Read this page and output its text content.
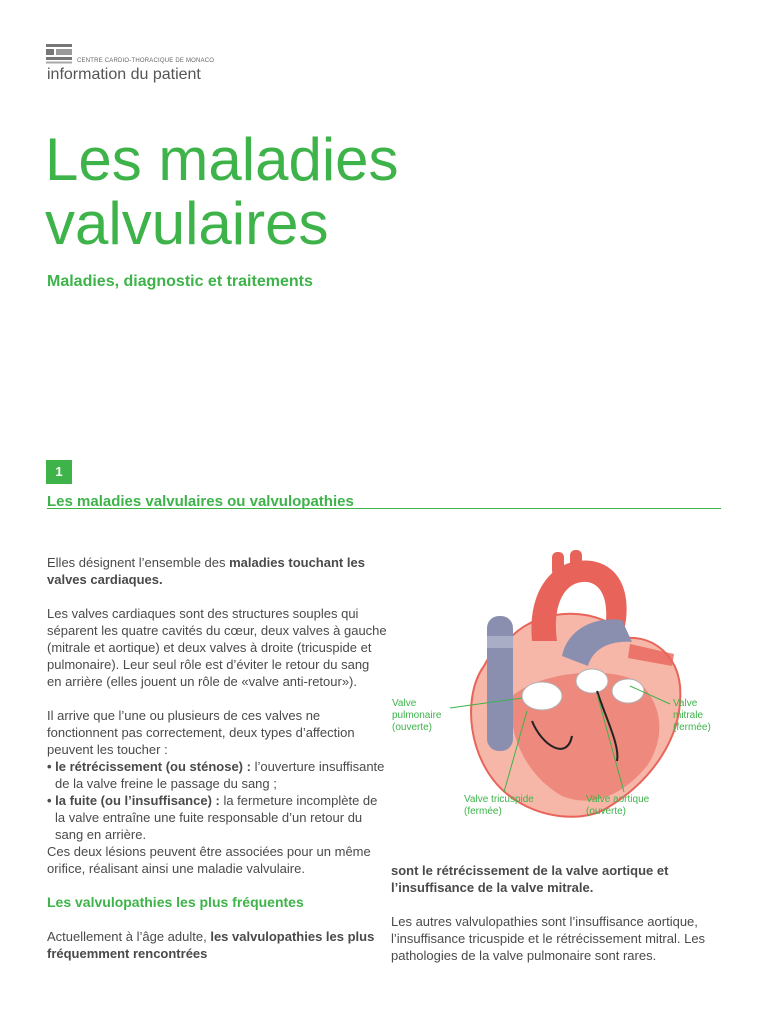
CENTRE CARDIO-THORACIQUE DE MONACO
information du patient
Les maladies
valvulaires
Maladies, diagnostic et traitements
1
Les maladies valvulaires ou valvulopathies

Elles désignent l’ensemble des maladies touchant les valves cardiaques.

Les valves cardiaques sont des structures souples qui séparent les quatre cavités du cœur, deux valves à gauche (mitrale et aortique) et deux valves à droite (tricuspide et pulmonaire). Leur seul rôle est d’éviter le retour du sang en arrière (elles jouent un rôle de «valve anti-retour»).

Il arrive que l’une ou plusieurs de ces valves ne fonctionnent pas correctement, deux types d’affection peuvent les toucher :
• le rétrécissement (ou sténose) : l’ouverture insuffisante de la valve freine le passage du sang ;
• la fuite (ou l’insuffisance) : la fermeture incomplète de la valve entraîne une fuite responsable d’un retour du sang en arrière.

Ces deux lésions peuvent être associées pour un même orifice, réalisant ainsi une maladie valvulaire.

Les valvulopathies les plus fréquentes

Actuellement à l’âge adulte, les valvulopathies les plus fréquemment rencontrées

Valve
pulmonaire
(ouverte)
Valve
mitrale
(fermée)
Valve tricuspide
(fermée)
Valve aortique
(ouverte)

sont le rétrécissement de la valve aortique et l’insuffisance de la valve mitrale.

Les autres valvulopathies sont l’insuffisance aortique, l’insuffisance tricuspide et le rétrécissement mitral. Les pathologies de la valve pulmonaire sont rares.
